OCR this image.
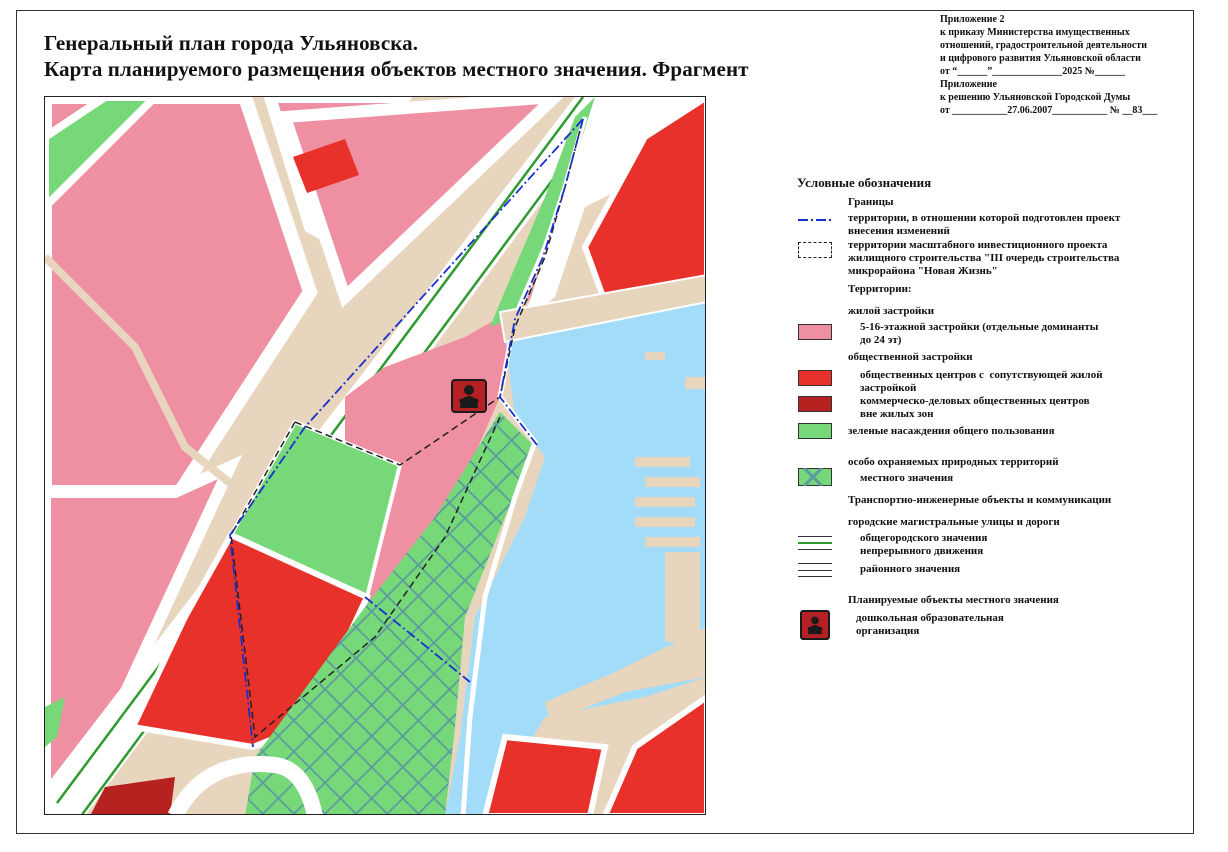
Генеральный план города Ульяновска.
Карта планируемого размещения объектов местного значения. Фрагмент
Приложение 2
к приказу Министерства имущественных
отношений, градостроительной деятельности
и цифрового развития Ульяновской области
от “______”______________2025 №______
Приложение
к решению Ульяновской Городской Думы
от ___________27.06.2007___________ № __83___
Условные обозначения
Границы
территории, в отношении которой подготовлен проект
внесения изменений
территории масштабного инвестиционного проекта
жилищного строительства "III очередь строительства
микрорайона "Новая Жизнь"
Территории:
жилой застройки
5-16-этажной застройки (отдельные доминанты
до 24 эт)
общественной застройки
общественных центров с  сопутствующей жилой
застройкой
коммерческо-деловых общественных центров
вне жилых зон
зеленые насаждения общего пользования
особо охраняемых природных территорий
местного значения
Транспортно-инженерные объекты и коммуникации
городские магистральные улицы и дороги
общегородского значения
непрерывного движения
районного значения
Планируемые объекты местного значения
дошкольная образовательная
организация
